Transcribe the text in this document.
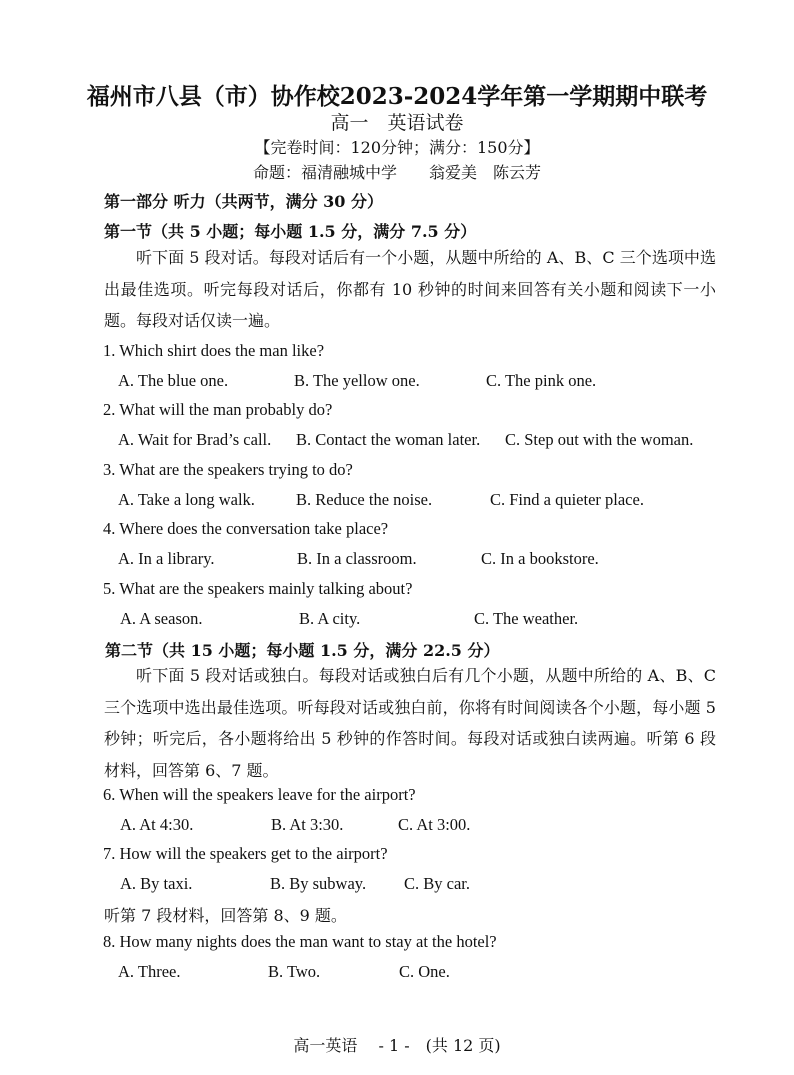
福州市八县（市）协作校2023-2024学年第一学期期中联考
高一　英语试卷
【完卷时间：120分钟；满分：150分】
命题：福清融城中学　　翁爱美　陈云芳
第一部分 听力（共两节，满分 30 分）
第一节（共 5 小题；每小题 1.5 分，满分 7.5 分）
听下面 5 段对话。每段对话后有一个小题，从题中所给的 A、B、C 三个选项中选出最佳选项。听完每段对话后，你都有 10 秒钟的时间来回答有关小题和阅读下一小题。每段对话仅读一遍。
1. Which shirt does the man like?
A. The blue one.	B. The yellow one.	C. The pink one.
2. What will the man probably do?
A. Wait for Brad’s call. B. Contact the woman later. C. Step out with the woman.
3. What are the speakers trying to do?
A. Take a long walk. B. Reduce the noise.	C. Find a quieter place.
4. Where does the conversation take place?
A. In a library.	B. In a classroom.	C. In a bookstore.
5. What are the speakers mainly talking about?
A. A season.	B. A city.	C. The weather.
第二节（共 15 小题；每小题 1.5 分，满分 22.5 分）
听下面 5 段对话或独白。每段对话或独白后有几个小题，从题中所给的 A、B、C 三个选项中选出最佳选项。听每段对话或独白前，你将有时间阅读各个小题，每小题 5 秒钟；听完后，各小题将给出 5 秒钟的作答时间。每段对话或独白读两遍。听第 6 段材料，回答第 6、7 题。
6. When will the speakers leave for the airport?
A. At 4:30.	B. At 3:30.	C. At 3:00.
7. How will the speakers get to the airport?
A. By taxi.	B. By subway. C. By car.
听第 7 段材料，回答第 8、9 题。
8. How many nights does the man want to stay at the hotel?
A. Three.	B. Two.	C. One.
高一英语　 - 1 -　(共 12 页)
